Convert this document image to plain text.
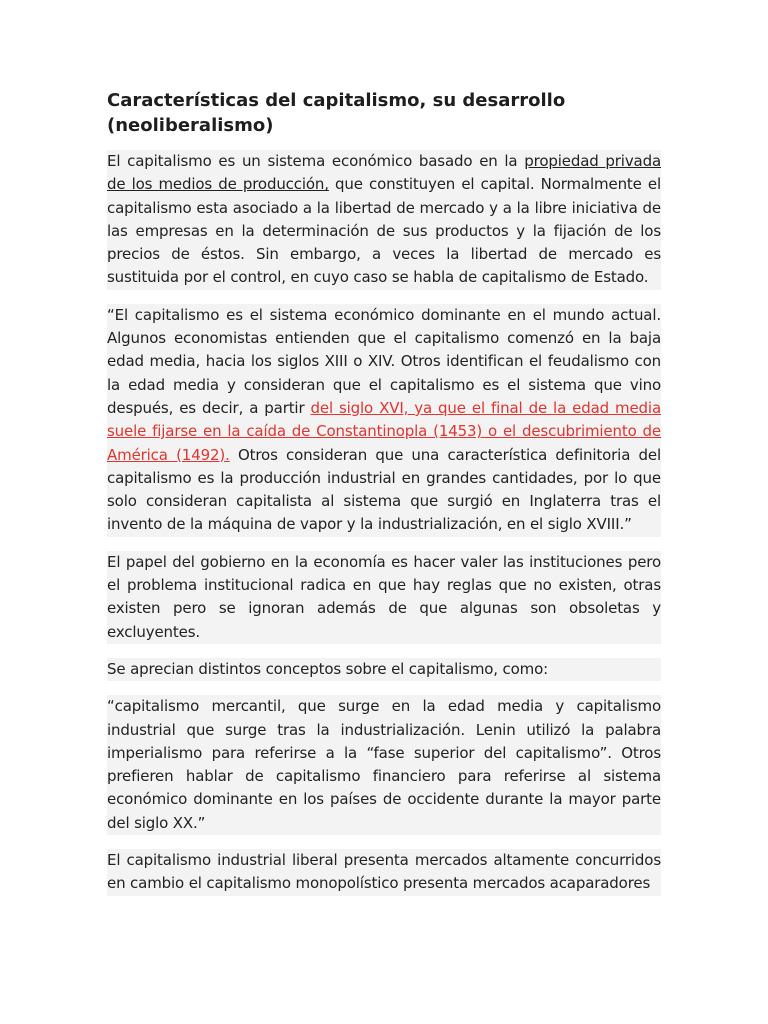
Características del capitalismo, su desarrollo (neoliberalismo)

El capitalismo es un sistema económico basado en la propiedad privada de los medios de producción, que constituyen el capital. Normalmente el capitalismo esta asociado a la libertad de mercado y a la libre iniciativa de las empresas en la determinación de sus productos y la fijación de los precios de éstos. Sin embargo, a veces la libertad de mercado es sustituida por el control, en cuyo caso se habla de capitalismo de Estado.

“El capitalismo es el sistema económico dominante en el mundo actual. Algunos economistas entienden que el capitalismo comenzó en la baja edad media, hacia los siglos XIII o XIV. Otros identifican el feudalismo con la edad media y consideran que el capitalismo es el sistema que vino después, es decir, a partir del siglo XVI, ya que el final de la edad media suele fijarse en la caída de Constantinopla (1453) o el descubrimiento de América (1492). Otros consideran que una característica definitoria del capitalismo es la producción industrial en grandes cantidades, por lo que solo consideran capitalista al sistema que surgió en Inglaterra tras el invento de la máquina de vapor y la industrialización, en el siglo XVIII.”

El papel del gobierno en la economía es hacer valer las instituciones pero el problema institucional radica en que hay reglas que no existen, otras existen pero se ignoran además de que algunas son obsoletas y excluyentes.

Se aprecian distintos conceptos sobre el capitalismo, como:

“capitalismo mercantil, que surge en la edad media y capitalismo industrial que surge tras la industrialización. Lenin utilizó la palabra imperialismo para referirse a la “fase superior del capitalismo”. Otros prefieren hablar de capitalismo financiero para referirse al sistema económico dominante en los países de occidente durante la mayor parte del siglo XX.”

El capitalismo industrial liberal presenta mercados altamente concurridos en cambio el capitalismo monopolístico presenta mercados acaparadores
